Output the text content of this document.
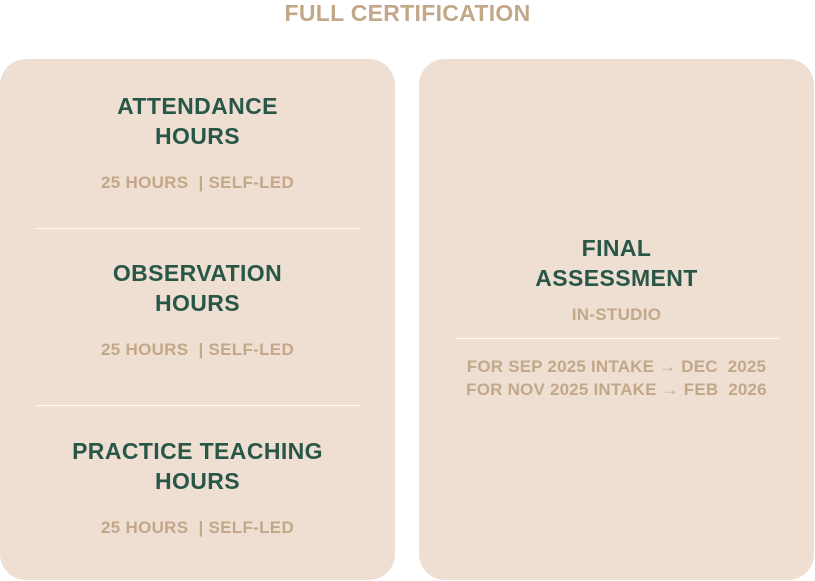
FULL CERTIFICATION
ATTENDANCE
HOURS
25 HOURS  | SELF-LED
OBSERVATION
HOURS
25 HOURS  | SELF-LED
PRACTICE TEACHING
HOURS
25 HOURS  | SELF-LED
FINAL
ASSESSMENT
IN-STUDIO
FOR SEP 2025 INTAKE → DEC  2025
FOR NOV 2025 INTAKE → FEB  2026
